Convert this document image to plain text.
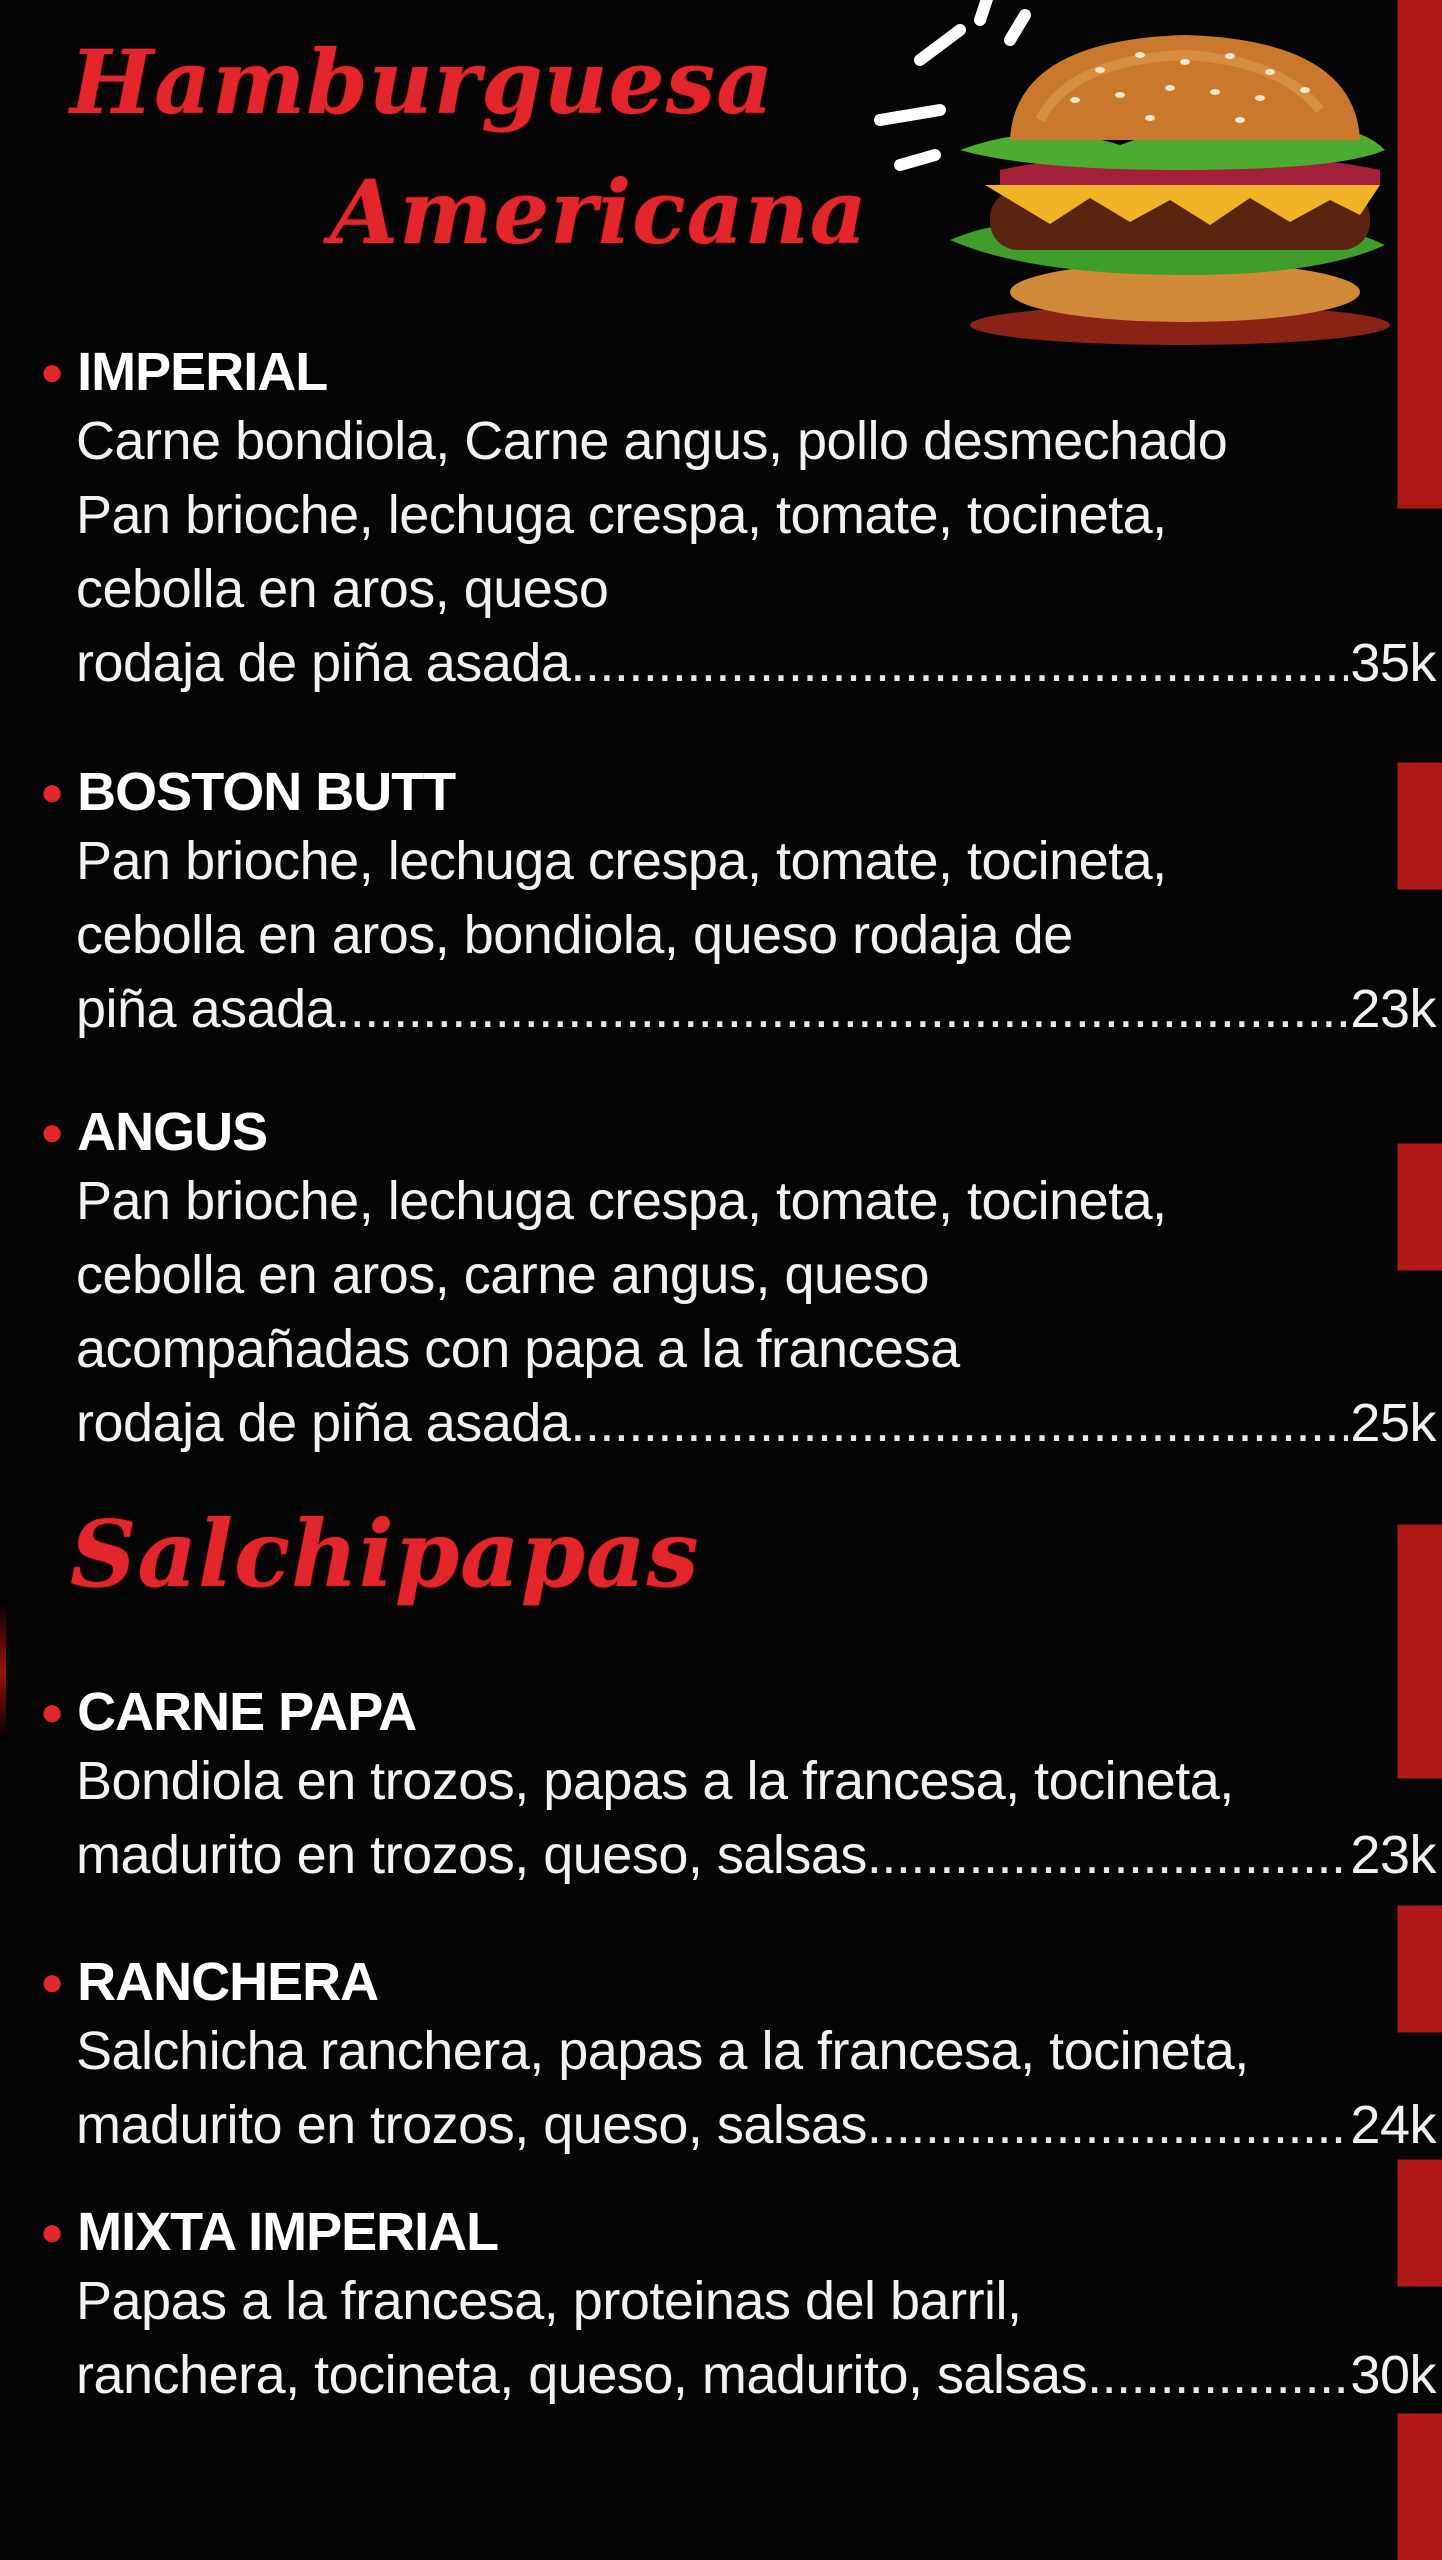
Hamburguesa
Americana
● IMPERIAL
Carne bondiola, Carne angus, pollo desmechado
Pan brioche, lechuga crespa, tomate, tocineta,
cebolla en aros, queso
rodaja de piña asada .....	35k
● BOSTON BUTT
Pan brioche, lechuga crespa, tomate, tocineta,
cebolla en aros, bondiola, queso rodaja de
piña asada .....	23k
● ANGUS
Pan brioche, lechuga crespa, tomate, tocineta,
cebolla en aros, carne angus, queso
acompañadas con papa a la francesa
rodaja de piña asada .....	25k
Salchipapas
● CARNE PAPA
Bondiola en trozos, papas a la francesa, tocineta,
madurito en trozos, queso, salsas .....	23k
● RANCHERA
Salchicha ranchera, papas a la francesa, tocineta,
madurito en trozos, queso, salsas .....	24k
● MIXTA IMPERIAL
Papas a la francesa, proteinas del barril,
ranchera, tocineta, queso, madurito, salsas .....	30k
